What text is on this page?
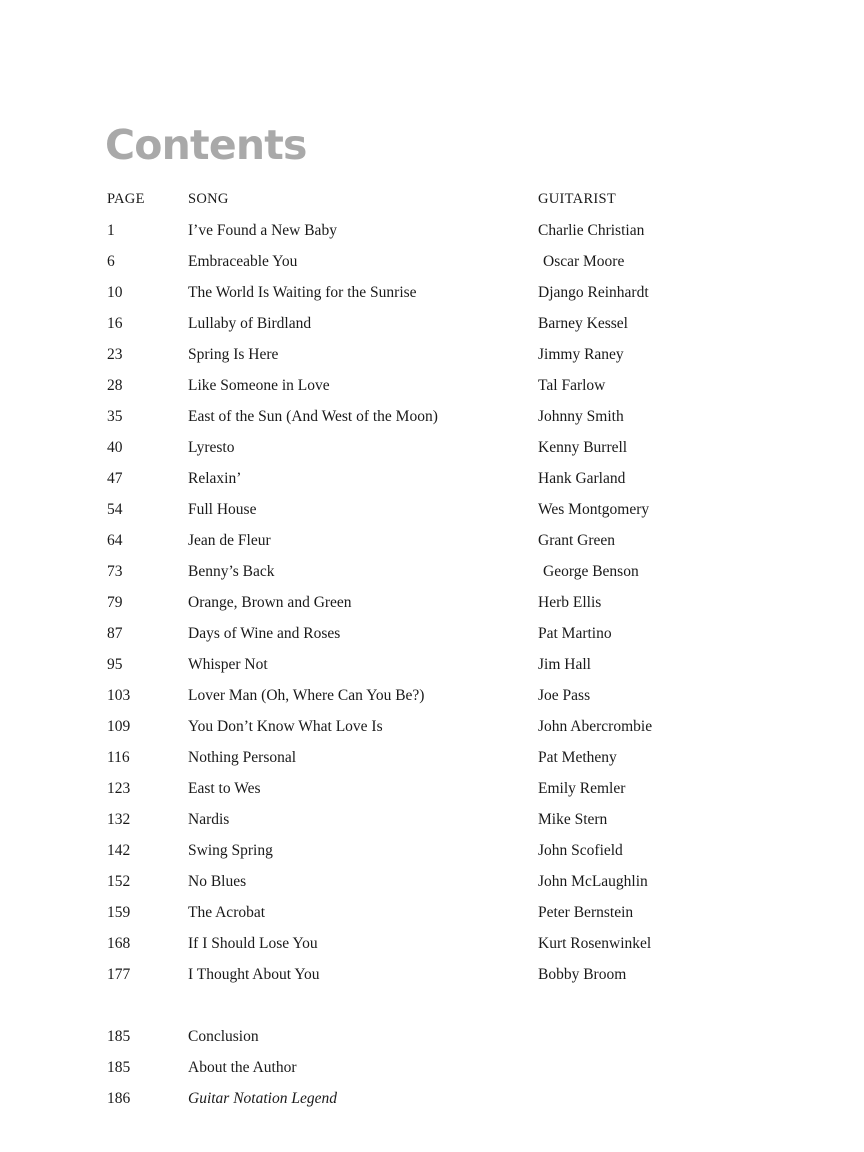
Contents
PAGE	SONG	GUITARIST
1	I’ve Found a New Baby	Charlie Christian
6	Embraceable You	Oscar Moore
10	The World Is Waiting for the Sunrise	Django Reinhardt
16	Lullaby of Birdland	Barney Kessel
23	Spring Is Here	Jimmy Raney
28	Like Someone in Love	Tal Farlow
35	East of the Sun (And West of the Moon)	Johnny Smith
40	Lyresto	Kenny Burrell
47	Relaxin’	Hank Garland
54	Full House	Wes Montgomery
64	Jean de Fleur	Grant Green
73	Benny’s Back	George Benson
79	Orange, Brown and Green	Herb Ellis
87	Days of Wine and Roses	Pat Martino
95	Whisper Not	Jim Hall
103	Lover Man (Oh, Where Can You Be?)	Joe Pass
109	You Don’t Know What Love Is	John Abercrombie
116	Nothing Personal	Pat Metheny
123	East to Wes	Emily Remler
132	Nardis	Mike Stern
142	Swing Spring	John Scofield
152	No Blues	John McLaughlin
159	The Acrobat	Peter Bernstein
168	If I Should Lose You	Kurt Rosenwinkel
177	I Thought About You	Bobby Broom
185	Conclusion
185	About the Author
186	Guitar Notation Legend
